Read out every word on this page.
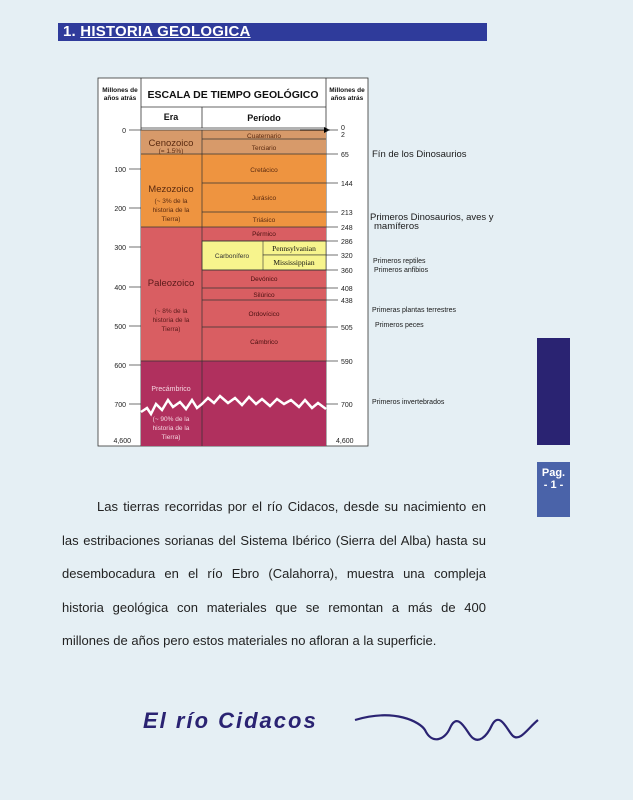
1. HISTORIA GEOLOGICA
ESCALA DE TIEMPO GEOLÓGICO
Era	Período
Millones de
años atrás
Millones de
años atrás
0
100
200
300
400
500
600
700
4,600
Cenozoico
(= 1.5%)
Mezozoico
(~ 3% de la
historia de la
Tierra)
Paleozoico
(~ 8% de la
historia de la
Tierra)
Precámbrico
(~ 90% de la
historia de la
Tierra)
Cuaternario
Terciario
Cretácico
Jurásico
Triásico
Pérmico
Carbonífero
Pennsylvanian
Mississippian
Devónico
Silúrico
Ordovícico
Cámbrico
0
2
65
144
213
248
286
320
360
408
438
505
590
700
4,600
Fín de los Dinosaurios
Primeros Dinosaurios, aves y
mamíferos
Primeros reptiles
Primeros anfibios
Primeras plantas terrestres
Primeros peces
Primeros invertebrados
Pag.
- 1 -

Las tierras recorridas por el río Cidacos, desde su nacimiento en las estribaciones sorianas del Sistema Ibérico (Sierra del Alba) hasta su desembocadura en el río Ebro (Calahorra), muestra una compleja historia geológica con materiales que se remontan a más de 400 millones de años pero estos materiales no afloran a la superficie.

El río Cidacos
